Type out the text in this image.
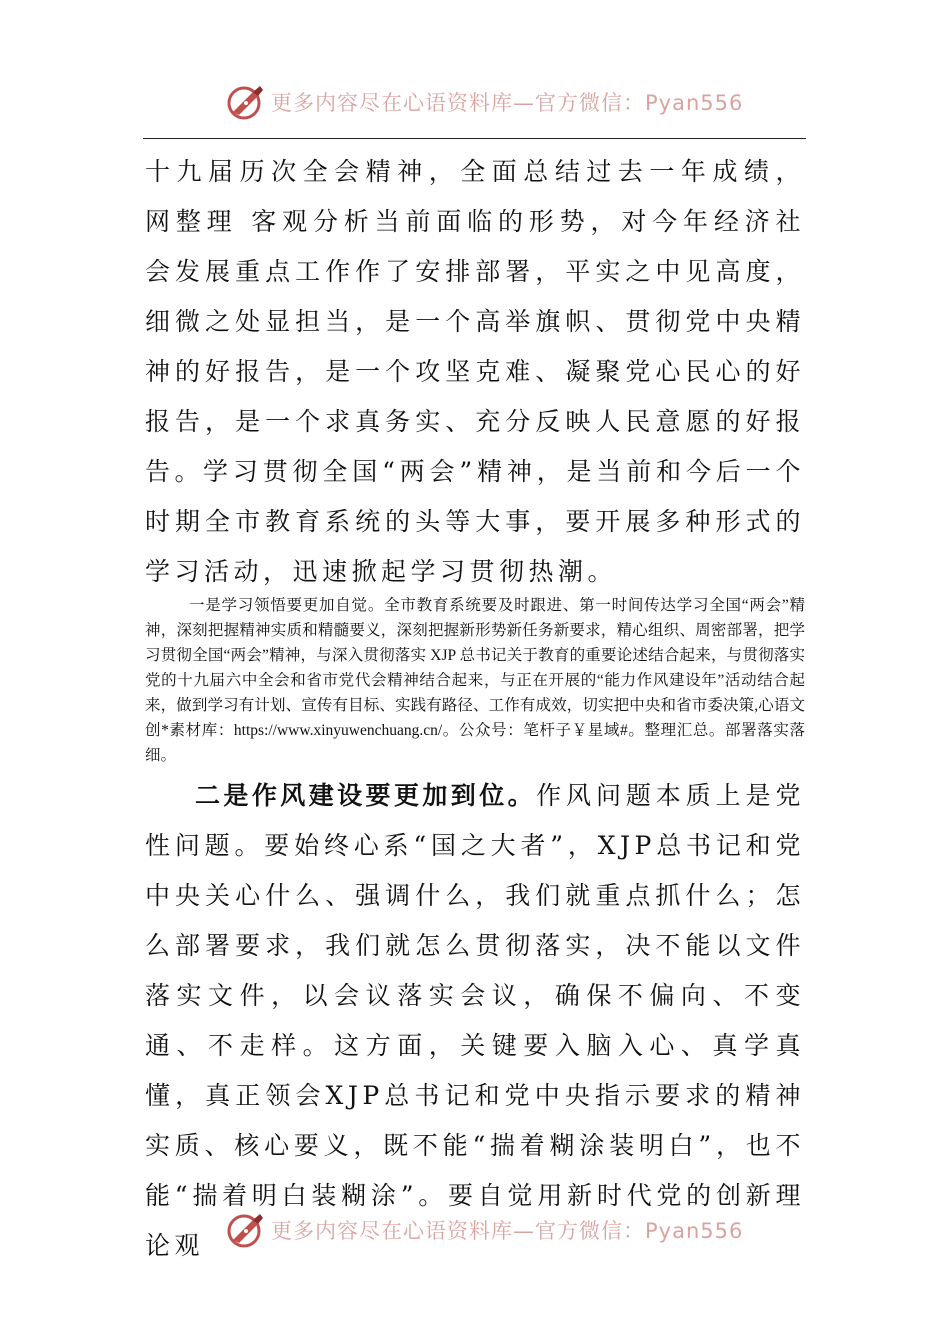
更多内容尽在心语资料库—官方微信：Pyan556

十九届历次全会精神，全面总结过去一年成绩， 网整理 客观分析当前面临的形势，对今年经济社会发展重点工作作了安排部署，平实之中见高度，细微之处显担当，是一个高举旗帜、贯彻党中央精神的好报告，是一个攻坚克难、凝聚党心民心的好报告，是一个求真务实、充分反映人民意愿的好报告。

学习贯彻全国“两会”精神，是当前和今后一个时期全市教育系统的头等大事，要开展多种形式的学习活动，迅速掀起学习贯彻热潮。

一是学习领悟要更加自觉。全市教育系统要及时跟进、第一时间传达学习全国“两会”精神，深刻把握精神实质和精髓要义，深刻把握新形势新任务新要求，精心组织、周密部署，把学习贯彻全国“两会”精神，与深入贯彻落实 XJP 总书记关于教育的重要论述结合起来，与贯彻落实党的十九届六中全会和省市党代会精神结合起来，与正在开展的“能力作风建设年”活动结合起来，做到学习有计划、宣传有目标、实践有路径、工作有成效，切实把中央和省市委决策,心语文创*素材库：https://www.xinyuwenchuang.cn/。公众号：笔杆子￥星域#。整理汇总。部署落实落细。

二是作风建设要更加到位。作风问题本质上是党性问题。要始终心系“国之大者”，XJP总书记和党中央关心什么、强调什么，我们就重点抓什么；怎么部署要求，我们就怎么贯彻落实，决不能以文件落实文件，以会议落实会议，确保不偏向、不变通、不走样。这方面，关键要入脑入心、真学真懂，真正领会XJP总书记和党中央指示要求的精神实质、核心要义，既不能“揣着糊涂装明白”，也不能“揣着明白装糊涂”。要自觉用新时代党的创新理论观	更多内容尽在心语资料库—官方微信：Pyan556
